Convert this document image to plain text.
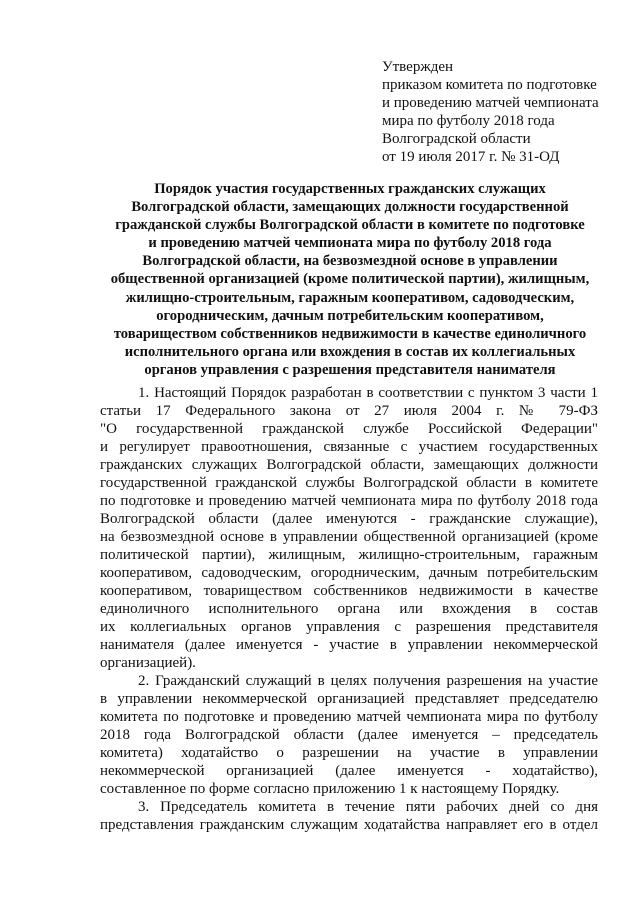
Утвержден
приказом комитета по подготовке
и проведению матчей чемпионата
мира по футболу 2018 года
Волгоградской области
от 19 июля 2017 г. № 31-ОД
Порядок участия государственных гражданских служащих
Волгоградской области, замещающих должности государственной
гражданской службы Волгоградской области в комитете по подготовке
и проведению матчей чемпионата мира по футболу 2018 года
Волгоградской области, на безвозмездной основе в управлении
общественной организацией (кроме политической партии), жилищным,
жилищно-строительным, гаражным кооперативом, садоводческим,
огородническим, дачным потребительским кооперативом,
товариществом собственников недвижимости в качестве единоличного
исполнительного органа или вхождения в состав их коллегиальных
органов управления с разрешения представителя нанимателя
1. Настоящий Порядок разработан в соответствии с пунктом 3 части 1
статьи 17 Федерального закона от 27 июля 2004 г. № 79-ФЗ
"О государственной гражданской службе Российской Федерации"
и регулирует правоотношения, связанные с участием государственных
гражданских служащих Волгоградской области, замещающих должности
государственной гражданской службы Волгоградской области в комитете
по подготовке и проведению матчей чемпионата мира по футболу 2018 года
Волгоградской области (далее именуются - гражданские служащие),
на безвозмездной основе в управлении общественной организацией (кроме
политической партии), жилищным, жилищно-строительным, гаражным
кооперативом, садоводческим, огородническим, дачным потребительским
кооперативом, товариществом собственников недвижимости в качестве
единоличного исполнительного органа или вхождения в состав
их коллегиальных органов управления с разрешения представителя
нанимателя (далее именуется - участие в управлении некоммерческой
организацией).
2. Гражданский служащий в целях получения разрешения на участие
в управлении некоммерческой организацией представляет председателю
комитета по подготовке и проведению матчей чемпионата мира по футболу
2018 года Волгоградской области (далее именуется – председатель
комитета) ходатайство о разрешении на участие в управлении
некоммерческой организацией (далее именуется - ходатайство),
составленное по форме согласно приложению 1 к настоящему Порядку.
3. Председатель комитета в течение пяти рабочих дней со дня
представления гражданским служащим ходатайства направляет его в отдел
